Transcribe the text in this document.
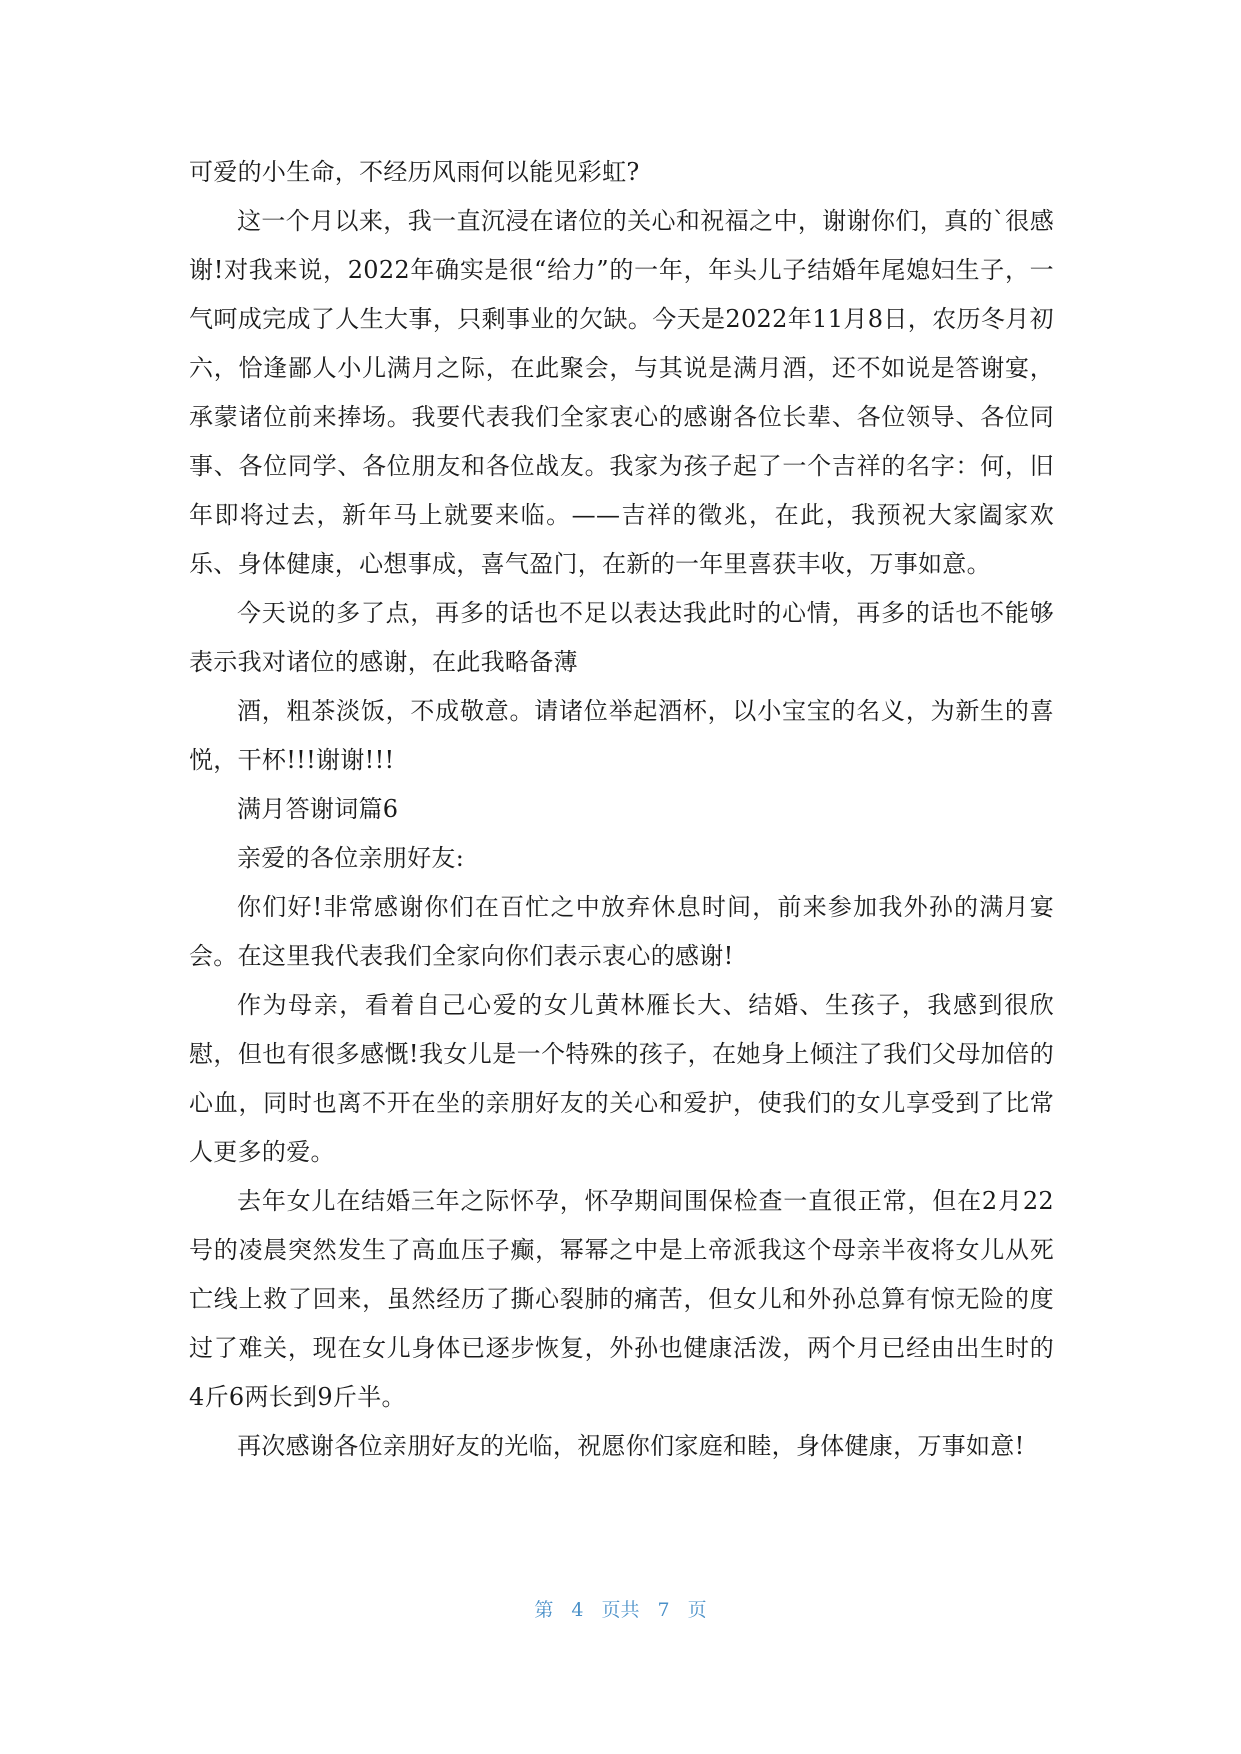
可爱的小生命，不经历风雨何以能见彩虹?

这一个月以来，我一直沉浸在诸位的关心和祝福之中，谢谢你们，真的`很感谢!对我来说，2022年确实是很“给力”的一年，年头儿子结婚年尾媳妇生子，一气呵成完成了人生大事，只剩事业的欠缺。今天是2022年11月8日，农历冬月初六，恰逢鄙人小儿满月之际，在此聚会，与其说是满月酒，还不如说是答谢宴，承蒙诸位前来捧场。我要代表我们全家衷心的感谢各位长辈、各位领导、各位同事、各位同学、各位朋友和各位战友。我家为孩子起了一个吉祥的名字：何，旧年即将过去，新年马上就要来临。——吉祥的徵兆，在此，我预祝大家阖家欢乐、身体健康，心想事成，喜气盈门，在新的一年里喜获丰收，万事如意。

今天说的多了点，再多的话也不足以表达我此时的心情，再多的话也不能够表示我对诸位的感谢，在此我略备薄

酒，粗茶淡饭，不成敬意。请诸位举起酒杯，以小宝宝的名义，为新生的喜悦，干杯!!!谢谢!!!

满月答谢词篇6

亲爱的各位亲朋好友:

你们好!非常感谢你们在百忙之中放弃休息时间，前来参加我外孙的满月宴会。在这里我代表我们全家向你们表示衷心的感谢!

作为母亲，看着自己心爱的女儿黄林雁长大、结婚、生孩子，我感到很欣慰，但也有很多感慨!我女儿是一个特殊的孩子，在她身上倾注了我们父母加倍的心血，同时也离不开在坐的亲朋好友的关心和爱护，使我们的女儿享受到了比常人更多的爱。

去年女儿在结婚三年之际怀孕，怀孕期间围保检查一直很正常，但在2月22号的凌晨突然发生了高血压子癫，幂幂之中是上帝派我这个母亲半夜将女儿从死亡线上救了回来，虽然经历了撕心裂肺的痛苦，但女儿和外孙总算有惊无险的度过了难关，现在女儿身体已逐步恢复，外孙也健康活泼，两个月已经由出生时的4斤6两长到9斤半。

再次感谢各位亲朋好友的光临，祝愿你们家庭和睦，身体健康，万事如意!

第 4 页共 7 页
